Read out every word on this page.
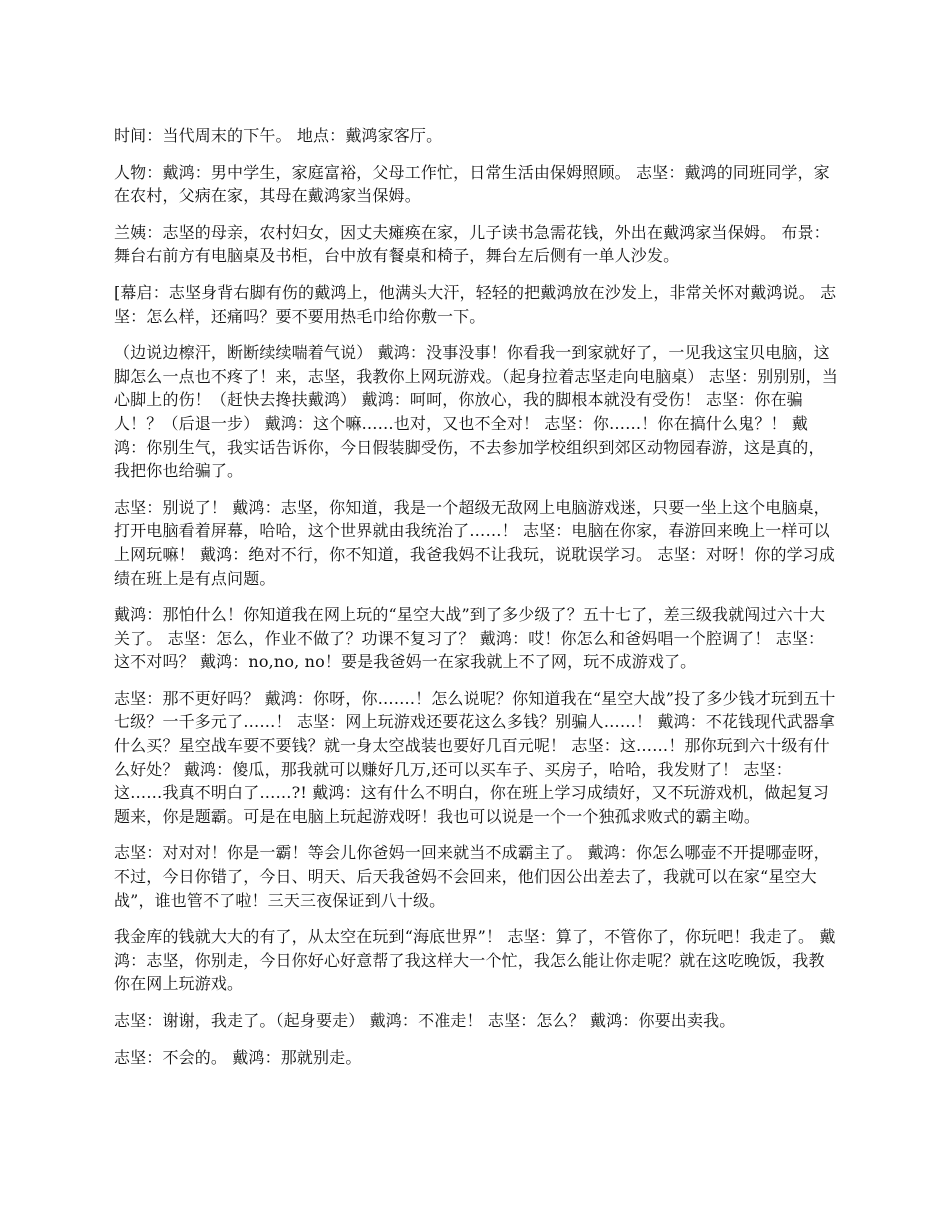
时间：当代周末的下午。 地点：戴鸿家客厅。

人物：戴鸿：男中学生，家庭富裕，父母工作忙，日常生活由保姆照顾。 志坚：戴鸿的同班同学，家在农村，父病在家，其母在戴鸿家当保姆。

兰姨：志坚的母亲，农村妇女，因丈夫瘫痪在家，儿子读书急需花钱，外出在戴鸿家当保姆。 布景：舞台右前方有电脑桌及书柜，台中放有餐桌和椅子，舞台左后侧有一单人沙发。

[幕启：志坚身背右脚有伤的戴鸿上，他满头大汗，轻轻的把戴鸿放在沙发上，非常关怀对戴鸿说。 志坚：怎么样，还痛吗？要不要用热毛巾给你敷一下。

（边说边檫汗，断断续续喘着气说） 戴鸿：没事没事！你看我一到家就好了，一见我这宝贝电脑，这脚怎么一点也不疼了！来，志坚，我教你上网玩游戏。（起身拉着志坚走向电脑桌） 志坚：别别别，当心脚上的伤！（赶快去搀扶戴鸿） 戴鸿：呵呵，你放心，我的脚根本就没有受伤！ 志坚：你在骗人！？（后退一步） 戴鸿：这个嘛……也对，又也不全对！ 志坚：你……！你在搞什么鬼？！ 戴鸿：你别生气，我实话告诉你，今日假装脚受伤，不去参加学校组织到郊区动物园春游，这是真的，我把你也给骗了。

志坚：别说了！ 戴鸿：志坚，你知道，我是一个超级无敌网上电脑游戏迷，只要一坐上这个电脑桌，打开电脑看着屏幕，哈哈，这个世界就由我统治了……！ 志坚：电脑在你家，春游回来晚上一样可以上网玩嘛！ 戴鸿：绝对不行，你不知道，我爸我妈不让我玩，说耽误学习。 志坚：对呀！你的学习成绩在班上是有点问题。

戴鸿：那怕什么！你知道我在网上玩的“星空大战”到了多少级了？五十七了，差三级我就闯过六十大关了。 志坚：怎么，作业不做了？功课不复习了？ 戴鸿：哎！你怎么和爸妈唱一个腔调了！ 志坚：这不对吗？ 戴鸿：no,no, no！要是我爸妈一在家我就上不了网，玩不成游戏了。

志坚：那不更好吗？ 戴鸿：你呀，你…….！怎么说呢？你知道我在“星空大战”投了多少钱才玩到五十七级？一千多元了……！ 志坚：网上玩游戏还要花这么多钱？别骗人……！ 戴鸿：不花钱现代武器拿什么买？星空战车要不要钱？就一身太空战装也要好几百元呢！ 志坚：这……！那你玩到六十级有什么好处？ 戴鸿：傻瓜，那我就可以赚好几万,还可以买车子、买房子，哈哈，我发财了！ 志坚：这……我真不明白了……?! 戴鸿：这有什么不明白，你在班上学习成绩好，又不玩游戏机，做起复习题来，你是题霸。可是在电脑上玩起游戏呀！我也可以说是一个一个独孤求败式的霸主呦。

志坚：对对对！你是一霸！等会儿你爸妈一回来就当不成霸主了。 戴鸿：你怎么哪壶不开提哪壶呀，不过，今日你错了，今日、明天、后天我爸妈不会回来，他们因公出差去了，我就可以在家“星空大战”，谁也管不了啦！三天三夜保证到八十级。

我金库的钱就大大的有了，从太空在玩到“海底世界”！ 志坚：算了，不管你了，你玩吧！我走了。 戴鸿：志坚，你别走，今日你好心好意帮了我这样大一个忙，我怎么能让你走呢？就在这吃晚饭，我教你在网上玩游戏。

志坚：谢谢，我走了。（起身要走） 戴鸿：不准走！ 志坚：怎么？ 戴鸿：你要出卖我。

志坚：不会的。 戴鸿：那就别走。
